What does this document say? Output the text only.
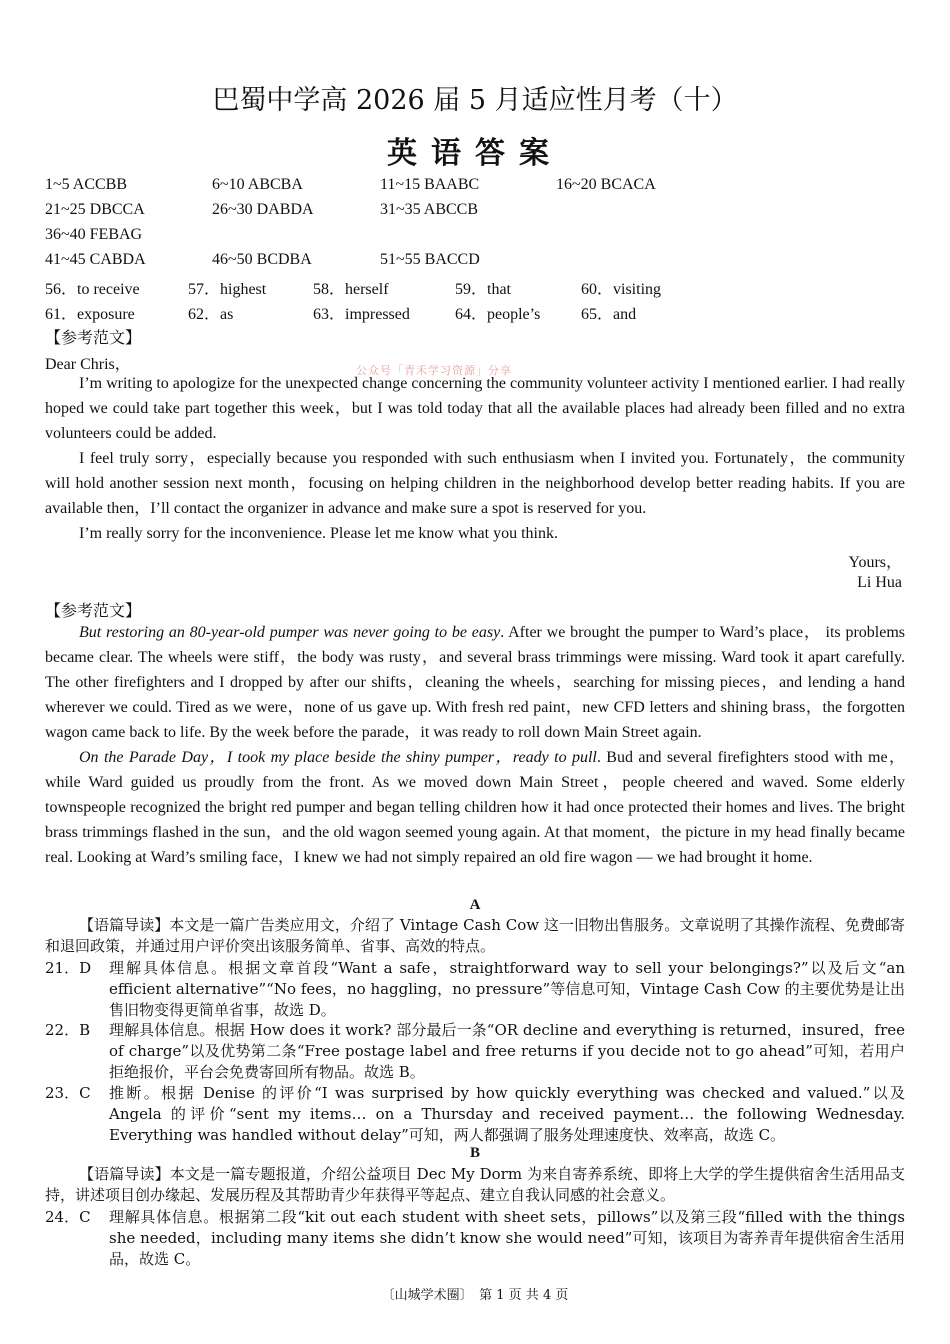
巴蜀中学高 2026 届 5 月适应性月考（十）
英语答案
1~5 ACCBB	6~10 ABCBA	11~15 BAABC	16~20 BCACA
21~25 DBCCA	26~30 DABDA	31~35 ABCCB
36~40 FEBAG
41~45 CABDA	46~50 BCDBA	51~55 BACCD
56．to receive	57．highest	58．herself	59．that	60．visiting
61．exposure	62．as	63．impressed	64．people’s	65．and
【参考范文】
Dear Chris，	公众号「青禾学习资源」分享
I’m writing to apologize for the unexpected change concerning the community volunteer activity I mentioned earlier. I had really hoped we could take part together this week，but I was told today that all the available places had already been filled and no extra volunteers could be added.
I feel truly sorry，especially because you responded with such enthusiasm when I invited you. Fortunately，the community will hold another session next month，focusing on helping children in the neighborhood develop better reading habits. If you are available then，I’ll contact the organizer in advance and make sure a spot is reserved for you.
I’m really sorry for the inconvenience. Please let me know what you think.
Yours，
Li Hua
【参考范文】
But restoring an 80-year-old pumper was never going to be easy. After we brought the pumper to Ward’s place， its problems became clear. The wheels were stiff，the body was rusty，and several brass trimmings were missing. Ward took it apart carefully. The other firefighters and I dropped by after our shifts，cleaning the wheels，searching for missing pieces，and lending a hand wherever we could. Tired as we were，none of us gave up. With fresh red paint，new CFD letters and shining brass，the forgotten wagon came back to life. By the week before the parade，it was ready to roll down Main Street again.
On the Parade Day，I took my place beside the shiny pumper，ready to pull. Bud and several firefighters stood with me，while Ward guided us proudly from the front. As we moved down Main Street，people cheered and waved. Some elderly townspeople recognized the bright red pumper and began telling children how it had once protected their homes and lives. The bright brass trimmings flashed in the sun，and the old wagon seemed young again. At that moment，the picture in my head finally became real. Looking at Ward’s smiling face，I knew we had not simply repaired an old fire wagon — we had brought it home.
A
【语篇导读】本文是一篇广告类应用文，介绍了 Vintage Cash Cow 这一旧物出售服务。文章说明了其操作流程、免费邮寄和退回政策，并通过用户评价突出该服务简单、省事、高效的特点。
21．D	理解具体信息。根据文章首段“Want a safe，straightforward way to sell your belongings?”以及后文“an efficient alternative”“No fees，no haggling，no pressure”等信息可知，Vintage Cash Cow 的主要优势是让出售旧物变得更简单省事，故选 D。
22．B	理解具体信息。根据 How does it work? 部分最后一条“OR decline and everything is returned，insured，free of charge”以及优势第二条“Free postage label and free returns if you decide not to go ahead”可知，若用户拒绝报价，平台会免费寄回所有物品。故选 B。
23．C	推断。根据 Denise 的评价“I was surprised by how quickly everything was checked and valued.”以及 Angela 的评价“sent my items… on a Thursday and received payment… the following Wednesday. Everything was handled without delay”可知，两人都强调了服务处理速度快、效率高，故选 C。
B
【语篇导读】本文是一篇专题报道，介绍公益项目 Dec My Dorm 为来自寄养系统、即将上大学的学生提供宿舍生活用品支持，讲述项目创办缘起、发展历程及其帮助青少年获得平等起点、建立自我认同感的社会意义。
24．C	理解具体信息。根据第二段“kit out each student with sheet sets，pillows”以及第三段“filled with the things she needed，including many items she didn’t know she would need”可知，该项目为寄养青年提供宿舍生活用品，故选 C。
〔山城学术圈〕　第 1 页 共 4 页
